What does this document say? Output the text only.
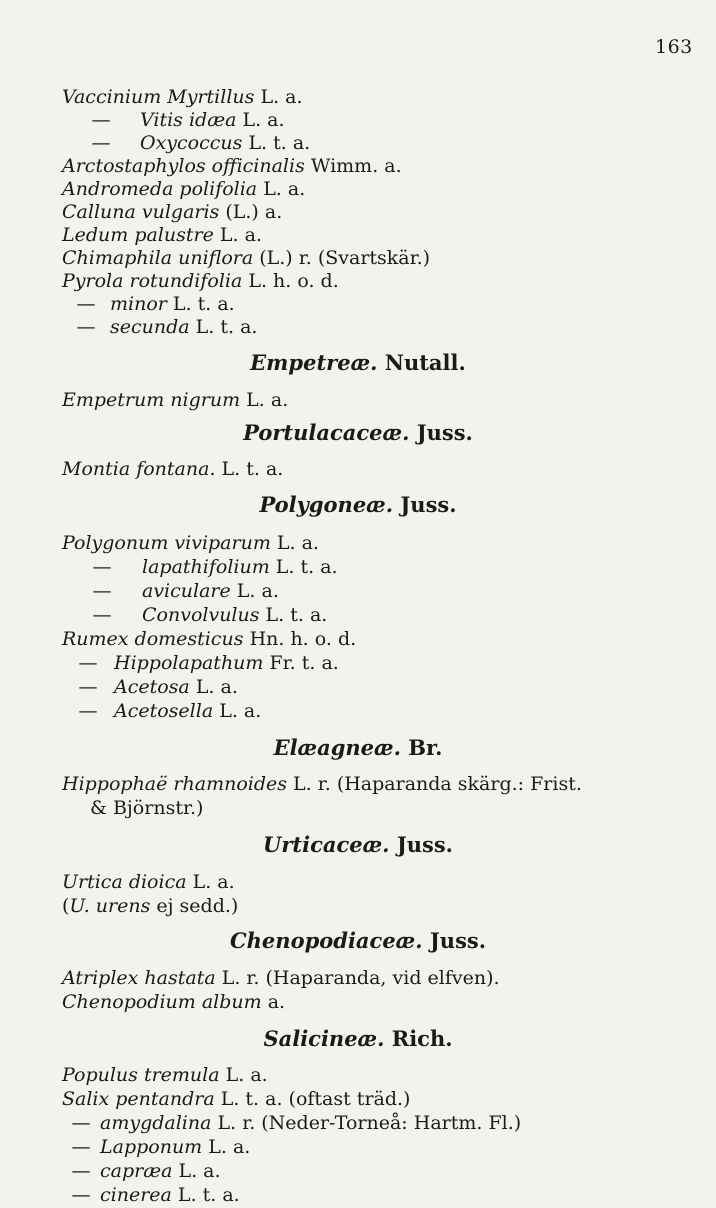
163
Vaccinium Myrtillus L. a.
— Vitis idæa L. a.
— Oxycoccus L. t. a.
Arctostaphylos officinalis Wimm. a.
Andromeda polifolia L. a.
Calluna vulgaris (L.) a.
Ledum palustre L. a.
Chimaphila uniflora (L.) r. (Svartskär.)
Pyrola rotundifolia L. h. o. d.
— minor L. t. a.
— secunda L. t. a.
Empetreæ. Nutall.
Empetrum nigrum L. a.
Portulacaceæ. Juss.
Montia fontana. L. t. a.
Polygoneæ. Juss.
Polygonum viviparum L. a.
— lapathifolium L. t. a.
— aviculare L. a.
— Convolvulus L. t. a.
Rumex domesticus Hn. h. o. d.
— Hippolapathum Fr. t. a.
— Acetosa L. a.
— Acetosella L. a.
Elæagneæ. Br.
Hippophaë rhamnoides L. r. (Haparanda skärg.: Frist.
& Björnstr.)
Urticaceæ. Juss.
Urtica dioica L. a.
(U. urens ej sedd.)
Chenopodiaceæ. Juss.
Atriplex hastata L. r. (Haparanda, vid elfven).
Chenopodium album a.
Salicineæ. Rich.
Populus tremula L. a.
Salix pentandra L. t. a. (oftast träd.)
— amygdalina L. r. (Neder-Torneå: Hartm. Fl.)
— Lapponum L. a.
— capræa L. a.
— cinerea L. t. a.
